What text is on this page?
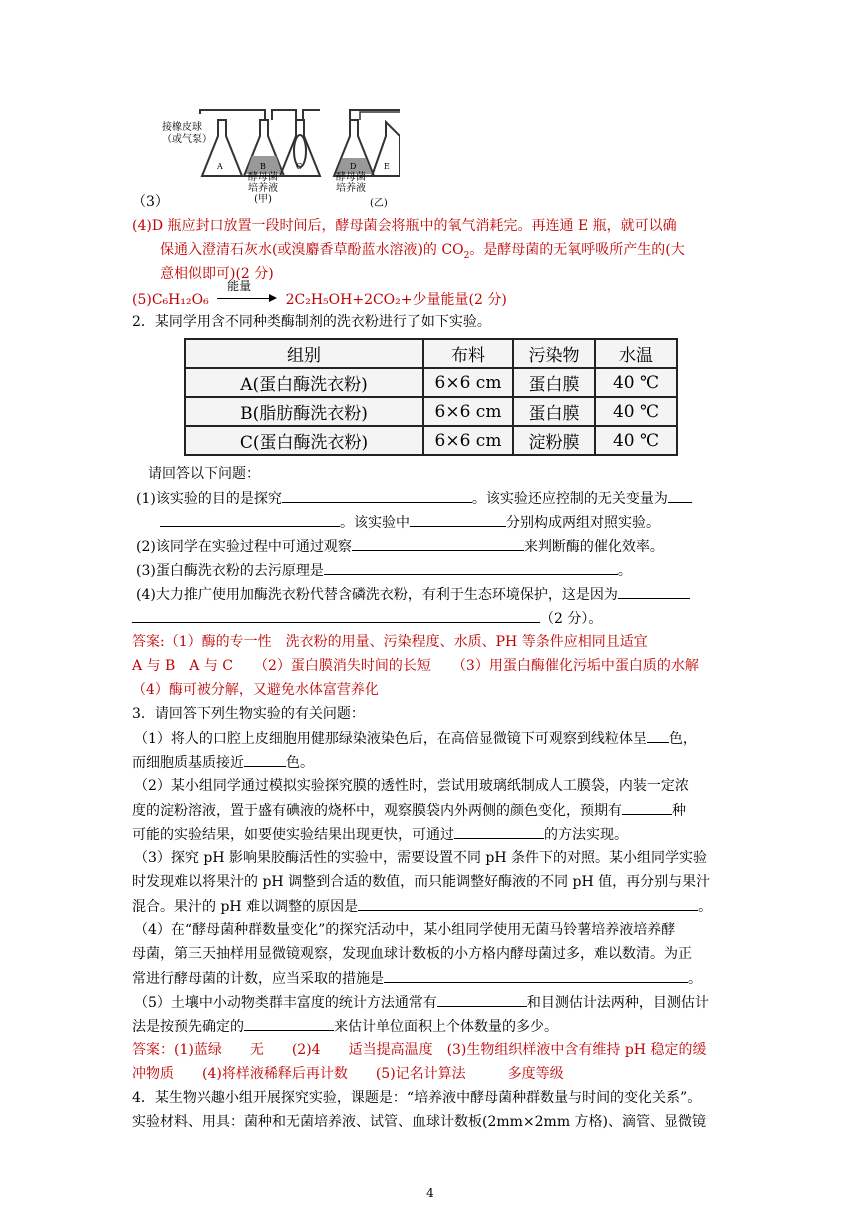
接橡皮球
（或气泵）
A	B	C	D	E
酵母菌
培养液
(甲)
酵母菌
培养液
(乙)
（3）
(4)D 瓶应封口放置一段时间后，酵母菌会将瓶中的氧气消耗完。再连通 E 瓶，就可以确
保通入澄清石灰水(或溴麝香草酚蓝水溶液)的 $CO_2$。是酵母菌的无氧呼吸所产生的(大
意相似即可)(2 分)
(5)C₆H₁₂O₆
能量
2C₂H₅OH+2CO₂+少量能量(2 分)
2．某同学用含不同种类酶制剂的洗衣粉进行了如下实验。
组别	布料	污染物	水温
A(蛋白酶洗衣粉)	6×6 cm	蛋白膜	40 ℃
B(脂肪酶洗衣粉)	6×6 cm	蛋白膜	40 ℃
C(蛋白酶洗衣粉)	6×6 cm	淀粉膜	40 ℃
请回答以下问题：
(1)该实验的目的是探究	。该实验还应控制的无关变量为
。该实验中	分别构成两组对照实验。
(2)该同学在实验过程中可通过观察	来判断酶的催化效率。
(3)蛋白酶洗衣粉的去污原理是	。
(4)大力推广使用加酶洗衣粉代替含磷洗衣粉，有利于生态环境保护，这是因为
（2 分）。
答案:（1）酶的专一性　洗衣粉的用量、污染程度、水质、PH 等条件应相同且适宜
A 与 B　A 与 C　　（2）蛋白膜消失时间的长短　　（3）用蛋白酶催化污垢中蛋白质的水解
（4）酶可被分解，又避免水体富营养化
3．请回答下列生物实验的有关问题：
（1）将人的口腔上皮细胞用健那绿染液染色后，在高倍显微镜下可观察到线粒体呈 色，
而细胞质基质接近	色。
（2）某小组同学通过模拟实验探究膜的透性时，尝试用玻璃纸制成人工膜袋，内装一定浓
度的淀粉溶液，置于盛有碘液的烧杯中，观察膜袋内外两侧的颜色变化，预期有	种
可能的实验结果，如要使实验结果出现更快，可通过	的方法实现。
（3）探究 pH 影响果胶酶活性的实验中，需要设置不同 pH 条件下的对照。某小组同学实验
时发现难以将果汁的 pH 调整到合适的数值，而只能调整好酶液的不同 pH 值，再分别与果汁
混合。果汁的 pH 难以调整的原因是	。
（4）在“酵母菌种群数量变化”的探究活动中，某小组同学使用无菌马铃薯培养液培养酵
母菌，第三天抽样用显微镜观察，发现血球计数板的小方格内酵母菌过多，难以数清。为正
常进行酵母菌的计数，应当采取的措施是	。
（5）土壤中小动物类群丰富度的统计方法通常有	和目测估计法两种，目测估计
法是按预先确定的	来估计单位面积上个体数量的多少。
答案：(1)蓝绿　　无　　(2)4　　适当提高温度　(3)生物组织样液中含有维持 pH 稳定的缓
冲物质　　(4)将样液稀释后再计数　　(5)记名计算法　　　多度等级
4．某生物兴趣小组开展探究实验，课题是：“培养液中酵母菌种群数量与时间的变化关系”。
实验材料、用具：菌种和无菌培养液、试管、血球计数板(2mm×2mm 方格)、滴管、显微镜
4
